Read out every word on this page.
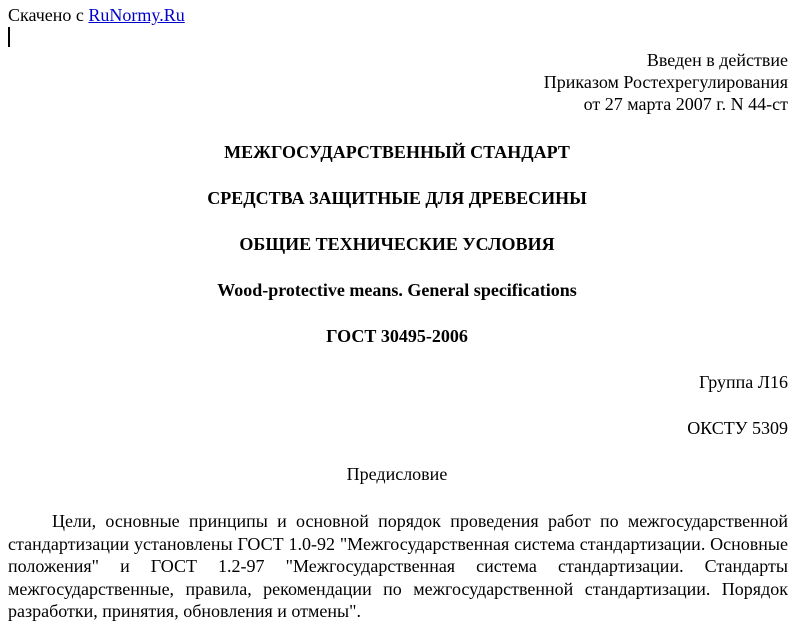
Скачено с RuNormy.Ru
Введен в действие
Приказом Ростехрегулирования
от 27 марта 2007 г. N 44-ст
МЕЖГОСУДАРСТВЕННЫЙ СТАНДАРТ
СРЕДСТВА ЗАЩИТНЫЕ ДЛЯ ДРЕВЕСИНЫ
ОБЩИЕ ТЕХНИЧЕСКИЕ УСЛОВИЯ
Wood-protective means. General specifications
ГОСТ 30495-2006
Группа Л16
ОКСТУ 5309
Предисловие

Цели, основные принципы и основной порядок проведения работ по межгосударственной стандартизации установлены ГОСТ 1.0-92 "Межгосударственная система стандартизации. Основные положения" и ГОСТ 1.2-97 "Межгосударственная система стандартизации. Стандарты межгосударственные, правила, рекомендации по межгосударственной стандартизации. Порядок разработки, принятия, обновления и отмены".
